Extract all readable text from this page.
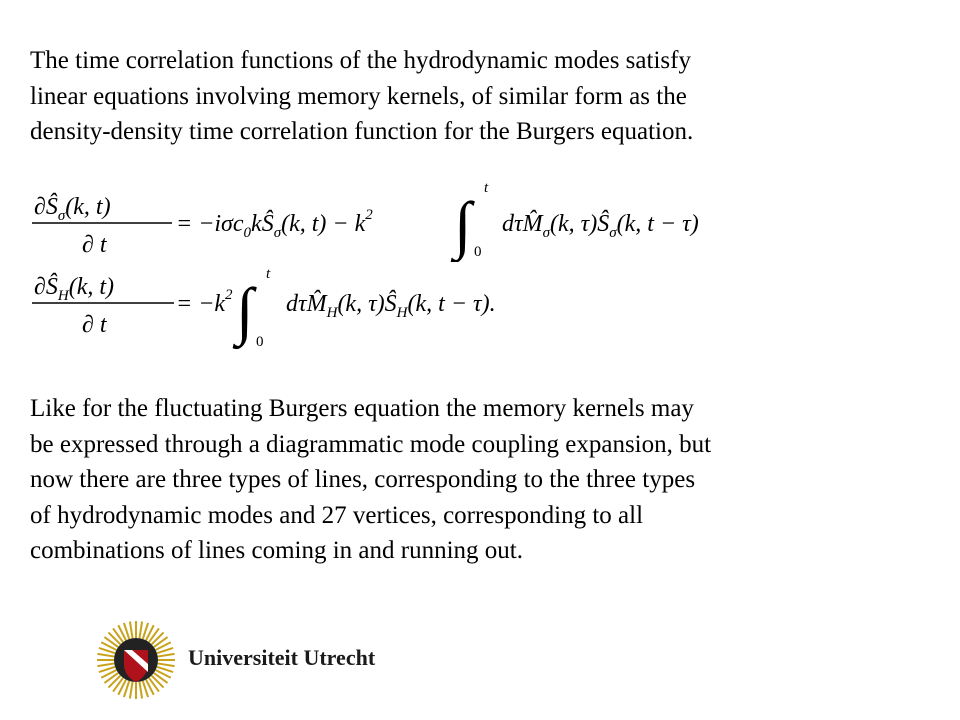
The time correlation functions of the hydrodynamic modes satisfy
linear equations involving memory kernels, of similar form as the
density-density time correlation function for the Burgers equation.
$\partial Ŝ_\sigma(k$, t)
∂ t
= $-i\sigma c_0kŜ_\sigma(k$, $t) - k^2$ ∫
t
0
$d\tau M̂_\sigma(k$, $\tau)Ŝ_\sigma(k$, t − τ)
$\partial Ŝ_H(k$, t)
∂ t
= $-k^2$ ∫
t
0
$d\tau M̂_H(k$, $\tau)Ŝ_H(k$, t − τ).
Like for the fluctuating Burgers equation the memory kernels may
be expressed through a diagrammatic mode coupling expansion, but
now there are three types of lines, corresponding to the three types
of hydrodynamic modes and 27 vertices, corresponding to all
combinations of lines coming in and running out.
Universiteit Utrecht
